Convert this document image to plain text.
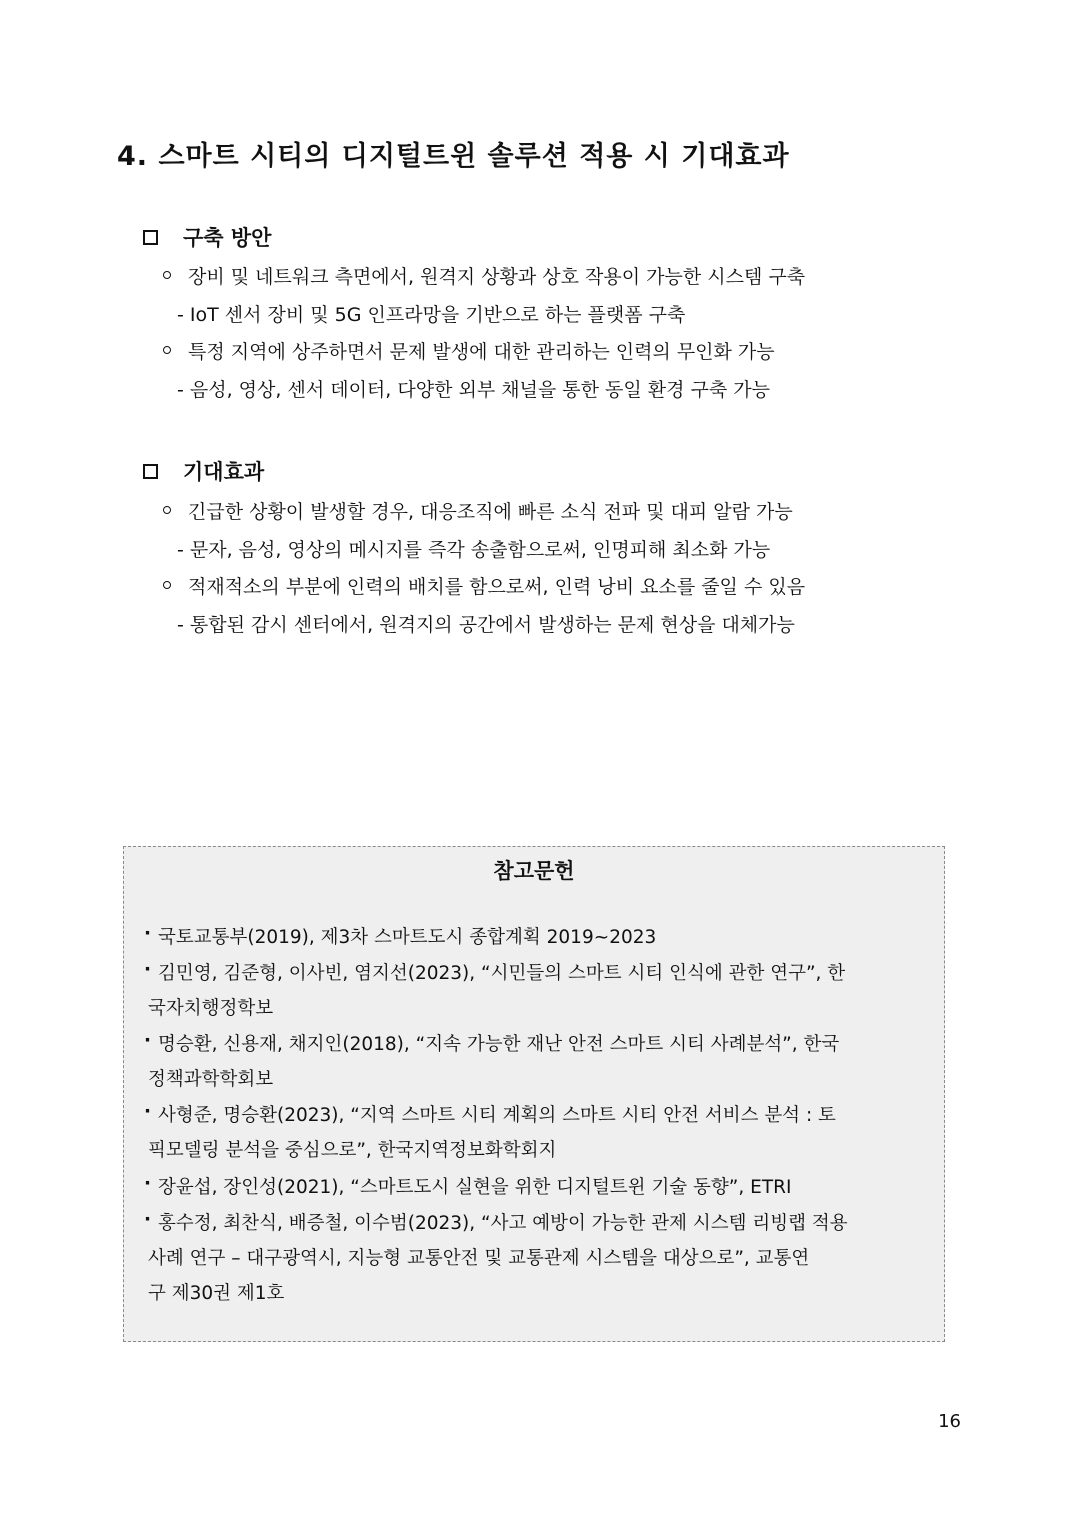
4. 스마트 시티의 디지털트윈 솔루션 적용 시 기대효과
구축 방안
장비 및 네트워크 측면에서, 원격지 상황과 상호 작용이 가능한 시스템 구축
- IoT 센서 장비 및 5G 인프라망을 기반으로 하는 플랫폼 구축
특정 지역에 상주하면서 문제 발생에 대한 관리하는 인력의 무인화 가능
- 음성, 영상, 센서 데이터, 다양한 외부 채널을 통한 동일 환경 구축 가능
기대효과
긴급한 상황이 발생할 경우, 대응조직에 빠른 소식 전파 및 대피 알람 가능
- 문자, 음성, 영상의 메시지를 즉각 송출함으로써, 인명피해 최소화 가능
적재적소의 부분에 인력의 배치를 함으로써, 인력 낭비 요소를 줄일 수 있음
- 통합된 감시 센터에서, 원격지의 공간에서 발생하는 문제 현상을 대체가능
참고문헌
· 국토교통부(2019), 제3차 스마트도시 종합계획 2019~2023
· 김민영, 김준형, 이사빈, 염지선(2023), “시민들의 스마트 시티 인식에 관한 연구”, 한
국자치행정학보
· 명승환, 신용재, 채지인(2018), “지속 가능한 재난 안전 스마트 시티 사례분석”, 한국
정책과학학회보
· 사형준, 명승환(2023), “지역 스마트 시티 계획의 스마트 시티 안전 서비스 분석 : 토
픽모델링 분석을 중심으로”, 한국지역정보화학회지
· 장윤섭, 장인성(2021), “스마트도시 실현을 위한 디지털트윈 기술 동향”, ETRI
· 홍수정, 최찬식, 배증철, 이수범(2023), “사고 예방이 가능한 관제 시스템 리빙랩 적용
사례 연구 – 대구광역시, 지능형 교통안전 및 교통관제 시스템을 대상으로”, 교통연
구 제30권 제1호
16
